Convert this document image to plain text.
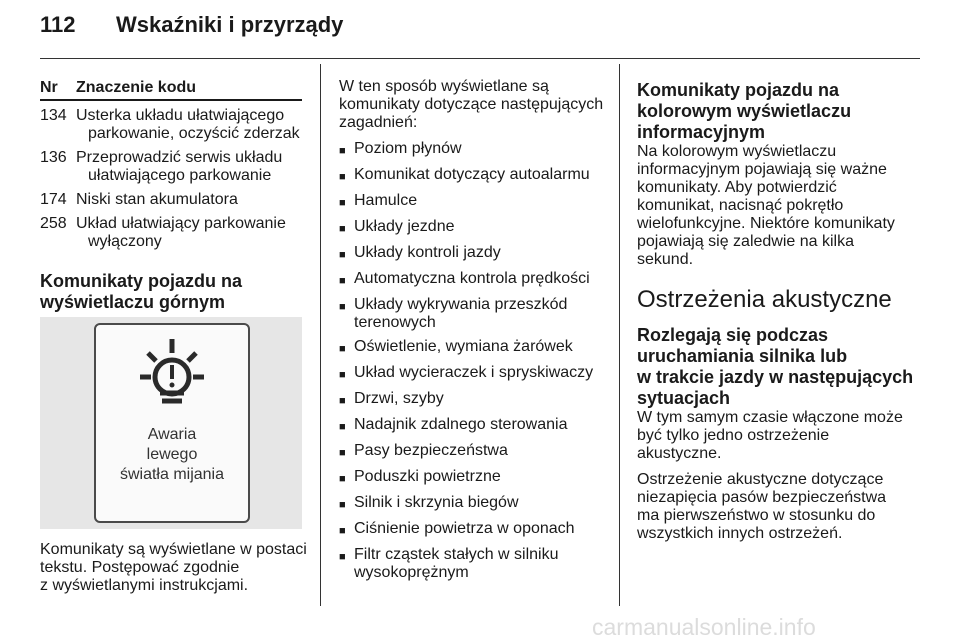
112 Wskaźniki i przyrządy
Nr	Znaczenie kodu
134 Usterka układu ułatwiającego
parkowanie, oczyścić zderzak
136 Przeprowadzić serwis układu
ułatwiającego parkowanie
174 Niski stan akumulatora
258 Układ ułatwiający parkowanie
wyłączony
Komunikaty pojazdu na
wyświetlaczu górnym
Awaria
lewego
światła mijania

Komunikaty są wyświetlane w postaci
tekstu. Postępować zgodnie
z wyświetlanymi instrukcjami.

W ten sposób wyświetlane są
komunikaty dotyczące następujących
zagadnień:

■ Poziom płynów
■ Komunikat dotyczący autoalarmu
■ Hamulce
■ Układy jezdne
■ Układy kontroli jazdy
■ Automatyczna kontrola prędkości
■ Układy wykrywania przeszkód
terenowych
■ Oświetlenie, wymiana żarówek
■ Układ wycieraczek i spryskiwaczy
■ Drzwi, szyby
■ Nadajnik zdalnego sterowania
■ Pasy bezpieczeństwa
■ Poduszki powietrzne
■ Silnik i skrzynia biegów
■ Ciśnienie powietrza w oponach
■ Filtr cząstek stałych w silniku
wysokoprężnym
Komunikaty pojazdu na
kolorowym wyświetlaczu
informacyjnym

Na kolorowym wyświetlaczu
informacyjnym pojawiają się ważne
komunikaty. Aby potwierdzić
komunikat, nacisnąć pokrętło
wielofunkcyjne. Niektóre komunikaty
pojawiają się zaledwie na kilka
sekund.

Ostrzeżenia akustyczne
Rozlegają się podczas
uruchamiania silnika lub
w trakcie jazdy w następujących
sytuacjach

W tym samym czasie włączone może
być tylko jedno ostrzeżenie
akustyczne.

Ostrzeżenie akustyczne dotyczące
niezapięcia pasów bezpieczeństwa
ma pierwszeństwo w stosunku do
wszystkich innych ostrzeżeń.

carmanualsonline.info
